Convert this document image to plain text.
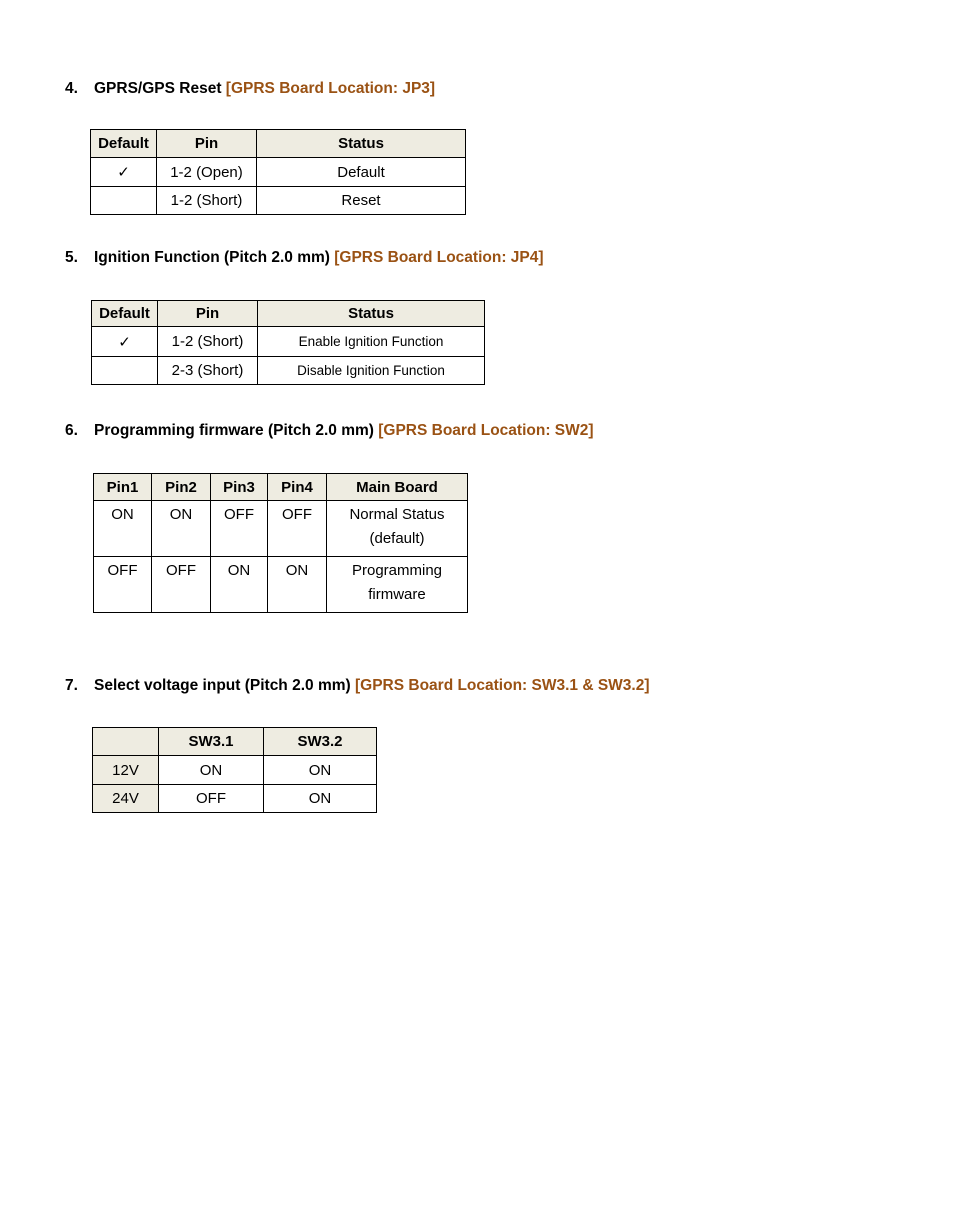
4. GPRS/GPS Reset [GPRS Board Location: JP3]
Default	Pin	Status
✓	1-2 (Open)	Default
	1-2 (Short)	Reset
5. Ignition Function (Pitch 2.0 mm) [GPRS Board Location: JP4]
Default	Pin	Status
✓	1-2 (Short)	Enable Ignition Function
	2-3 (Short)	Disable Ignition Function
6. Programming firmware (Pitch 2.0 mm) [GPRS Board Location: SW2]
Pin1	Pin2	Pin3	Pin4	Main Board
ON	ON	OFF	OFF	Normal Status
(default)

OFF	OFF	ON	ON	Programming
firmware
7. Select voltage input (Pitch 2.0 mm) [GPRS Board Location: SW3.1 & SW3.2]
	SW3.1	SW3.2
12V	ON	ON
24V	OFF	ON
